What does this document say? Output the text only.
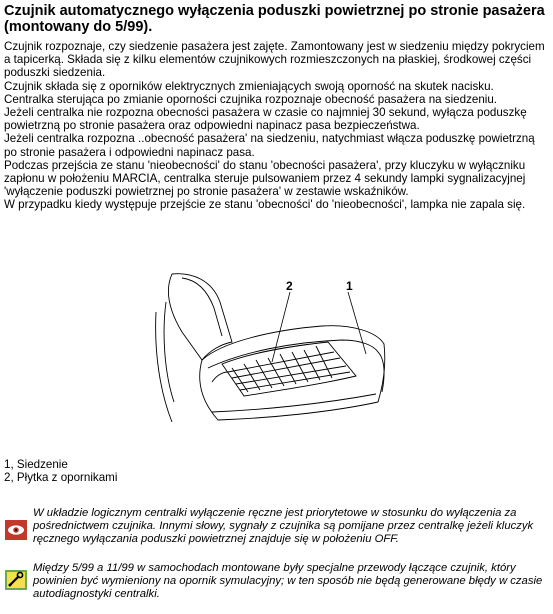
Czujnik automatycznego wyłączenia poduszki powietrznej po stronie pasażera (montowany do 5/99).

Czujnik rozpoznaje, czy siedzenie pasażera jest zajęte. Zamontowany jest w siedzeniu między pokryciem a tapicerką. Składa się z kilku elementów czujnikowych rozmieszczonych na płaskiej, środkowej części poduszki siedzenia.

Czujnik składa się z oporników elektrycznych zmieniających swoją oporność na skutek nacisku.

Centralka sterująca po zmianie oporności czujnika rozpoznaje obecność pasażera na siedzeniu.

Jeżeli centralka nie rozpozna obecności pasażera w czasie co najmniej 30 sekund, wyłącza poduszkę powietrzną po stronie pasażera oraz odpowiedni napinacz pasa bezpieczeństwa.

Jeżeli centralka rozpozna ..obecność pasażera' na siedzeniu, natychmiast włącza poduszkę powietrzną po stronie pasażera i odpowiedni napinacz pasa.

Podczas przejścia ze stanu 'nieobecności' do stanu 'obecności pasażera', przy kluczyku w wyłączniku zapłonu w położeniu MARCIA, centralka steruje pulsowaniem przez 4 sekundy lampki sygnalizacyjnej 'wyłączenie poduszki powietrznej po stronie pasażera' w zestawie wskaźników.

W przypadku kiedy występuje przejście ze stanu 'obecności' do 'nieobecności', lampka nie zapala się.

2	1
1, Siedzenie
2, Płytka z opornikami
W układzie logicznym centralki wyłączenie ręczne jest priorytetowe w stosunku do wyłączenia za pośrednictwem czujnika. Innymi słowy, sygnały z czujnika są pomijane przez centralkę jeżeli kluczyk ręcznego wyłączania poduszki powietrznej znajduje się w położeniu OFF.
Między 5/99 a 11/99 w samochodach montowane były specjalne przewody łączące czujnik, który powinien być wymieniony na opornik symulacyjny; w ten sposób nie będą generowane błędy w czasie autodiagnostyki centralki.
